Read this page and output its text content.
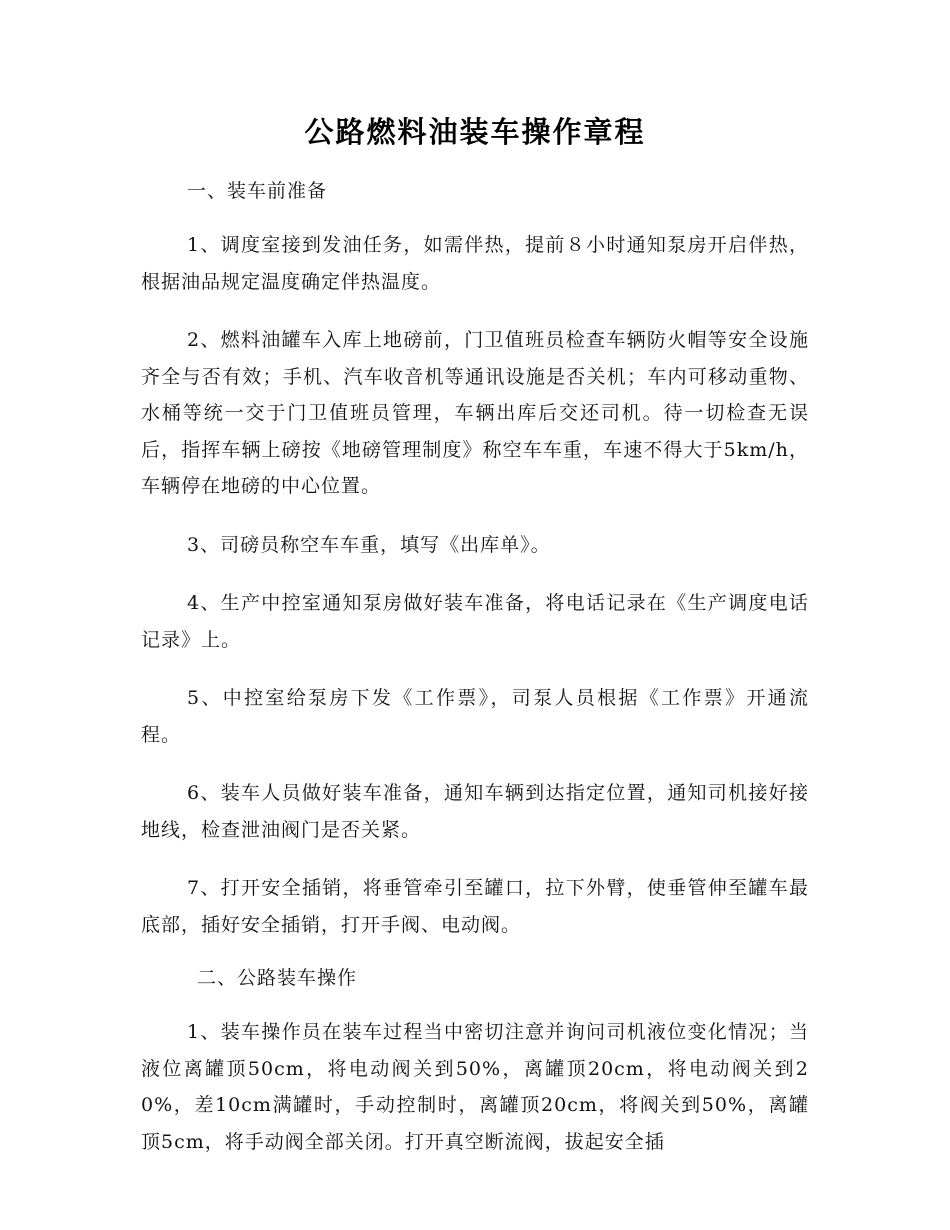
公路燃料油装车操作章程
一、装车前准备

1、调度室接到发油任务，如需伴热，提前８小时通知泵房开启伴热，根据油品规定温度确定伴热温度。

2、燃料油罐车入库上地磅前，门卫值班员检查车辆防火帽等安全设施齐全与否有效；手机、汽车收音机等通讯设施是否关机；车内可移动重物、水桶等统一交于门卫值班员管理，车辆出库后交还司机。待一切检查无误后，指挥车辆上磅按《地磅管理制度》称空车车重，车速不得大于5km/h，车辆停在地磅的中心位置。

3、司磅员称空车车重，填写《出库单》。

4、生产中控室通知泵房做好装车准备，将电话记录在《生产调度电话记录》上。

5、中控室给泵房下发《工作票》，司泵人员根据《工作票》开通流程。

6、装车人员做好装车准备，通知车辆到达指定位置，通知司机接好接地线，检查泄油阀门是否关紧。

7、打开安全插销，将垂管牵引至罐口，拉下外臂，使垂管伸至罐车最底部，插好安全插销，打开手阀、电动阀。

二、公路装车操作

1、装车操作员在装车过程当中密切注意并询问司机液位变化情况；当液位离罐顶50cm，将电动阀关到50%，离罐顶20cm，将电动阀关到20%，差10cm满罐时，手动控制时，离罐顶20cm，将阀关到50%，离罐顶5cm，将手动阀全部关闭。打开真空断流阀，拔起安全插
